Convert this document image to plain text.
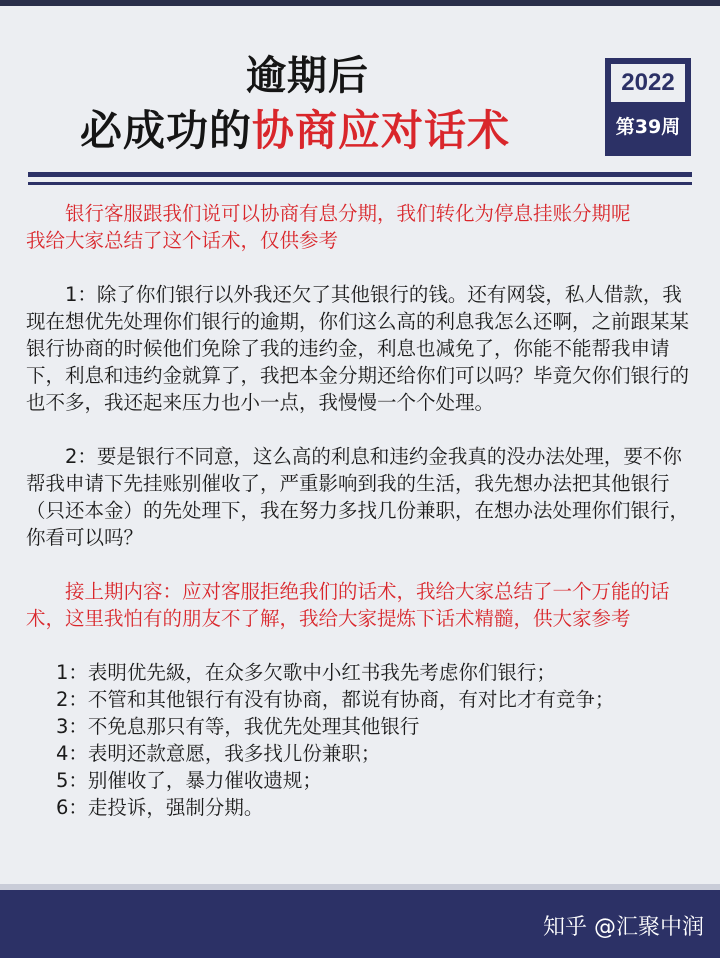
逾期后
必成功的协商应对话术
2022
第39周

银行客服跟我们说可以协商有息分期，我们转化为停息挂账分期呢

我给大家总结了这个话术，仅供参考

1：除了你们银行以外我还欠了其他银行的钱。还有网袋，私人借款，我现在想优先处理你们银行的逾期，你们这么高的利息我怎么还啊，之前跟某某银行协商的时候他们免除了我的违约金，利息也减免了，你能不能帮我申请下，利息和违约金就算了，我把本金分期还给你们可以吗？毕竟欠你们银行的也不多，我还起来压力也小一点，我慢慢一个个处理。

2：要是银行不同意，这么高的利息和违约金我真的没办法处理，要不你帮我申请下先挂账别催收了，严重影响到我的生活，我先想办法把其他银行（只还本金）的先处理下，我在努力多找几份兼职，在想办法处理你们银行，你看可以吗？

接上期内容：应对客服拒绝我们的话术，我给大家总结了一个万能的话术，这里我怕有的朋友不了解，我给大家提炼下话术精髓，供大家参考

1：表明优先級，在众多欠歌中小红书我先考虑你们银行；

2：不管和其他银行有没有协商，都说有协商，有对比才有竞争；

3：不免息那只有等，我优先处理其他银行

4：表明还款意愿，我多找儿份兼职；

5：别催收了，暴力催收遗规；

6：走投诉，强制分期。

知乎 @汇聚中润
